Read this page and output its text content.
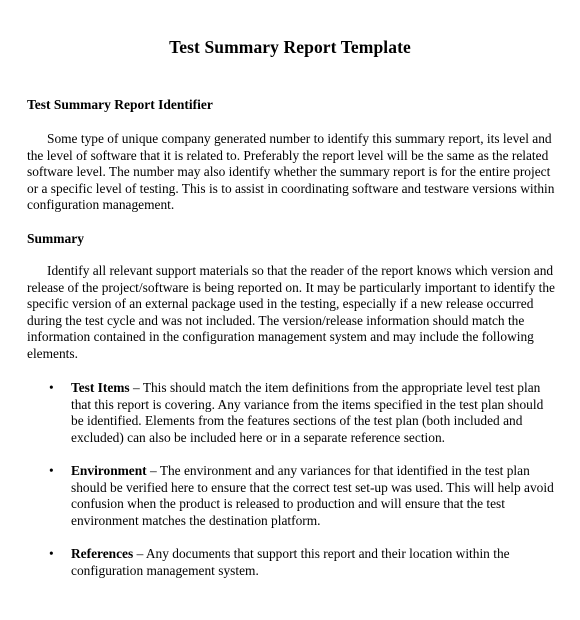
Test Summary Report Template
Test Summary Report Identifier

Some type of unique company generated number to identify this summary report, its level and the level of software that it is related to. Preferably the report level will be the same as the related software level. The number may also identify whether the summary report is for the entire project or a specific level of testing. This is to assist in coordinating software and testware versions within configuration management.

Summary

Identify all relevant support materials so that the reader of the report knows which version and release of the project/software is being reported on. It may be particularly important to identify the specific version of an external package used in the testing, especially if a new release occurred during the test cycle and was not included. The version/release information should match the information contained in the configuration management system and may include the following elements.

• Test Items – This should match the item definitions from the appropriate level test plan that this report is covering. Any variance from the items specified in the test plan should be identified. Elements from the features sections of the test plan (both included and excluded) can also be included here or in a separate reference section.
• Environment – The environment and any variances for that identified in the test plan should be verified here to ensure that the correct test set-up was used. This will help avoid confusion when the product is released to production and will ensure that the test environment matches the destination platform.
• References – Any documents that support this report and their location within the configuration management system.
